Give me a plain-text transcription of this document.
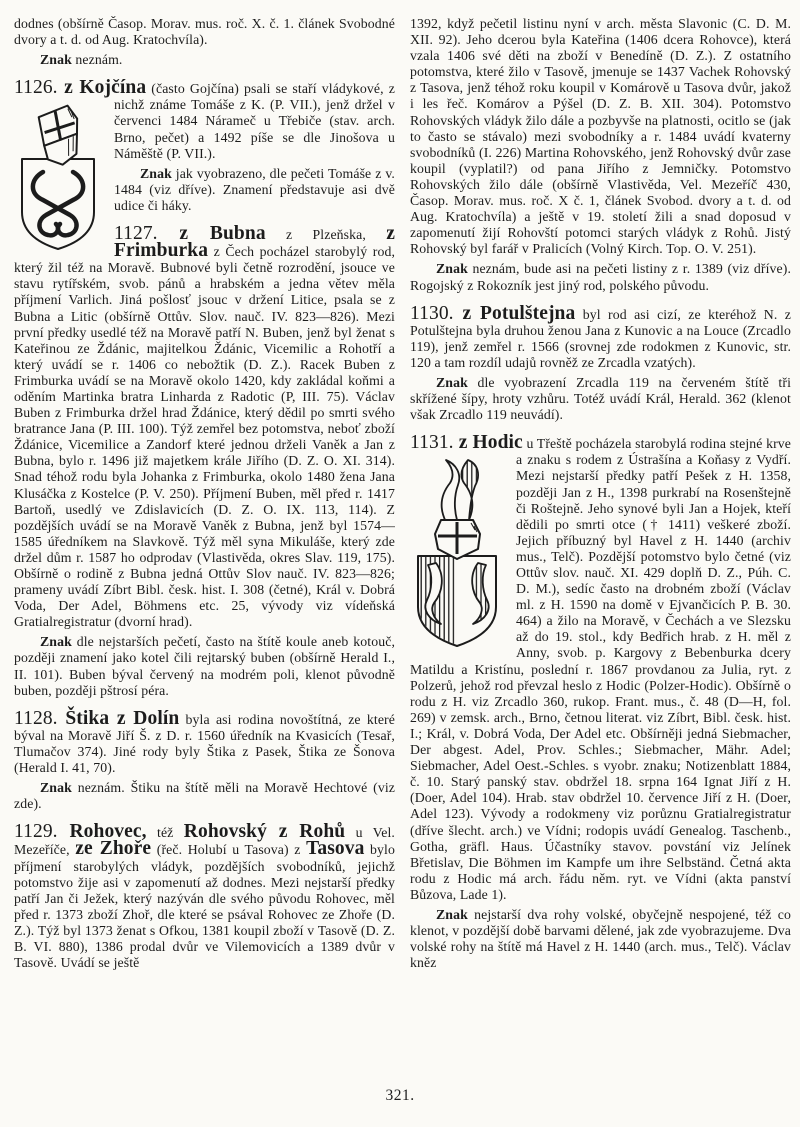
dodnes (obšírně Časop. Morav. mus. roč. X. č. 1. článek Svobodné dvory a t. d. od Aug. Kratochvíla).

Znak neznám.

1126. z Kojčína (často Gojčína) psali se staří
vládykové, z nichž známe Tomáše z K. (P. VII.), jenž držel v červenci 1484 Nárameč u Třebiče (stav. arch. Brno, pečet) a 1492 píše se dle Jinošova u Náměště (P. VII.).

Znak jak vyobrazeno, dle pečeti Tomáše z v. 1484 (viz dříve). Znamení představuje asi dvě udice či háky.

1127. z Bubna z Plzeňska, z Frimburka z Čech pocházel starobylý rod, který žil též na Moravě. Bubnové byli četně rozrodění, jsouce ve stavu rytířském, svob. pánů a hrabském a jedna větev měla příjmení Varlich. Jiná pošlosť jsouc v držení Litice, psala se z Bubna a Litic (obšírně Ottův. Slov. nauč. IV. 823—826). Mezi první předky usedlé též na Moravě patří N. Buben, jenž byl ženat s Kateřinou ze Ždánic, majitelkou Ždánic, Vicemilic a Rohotří a který uvádí se r. 1406 co nebožtik (D. Z.). Racek Buben z Frimburka uvádí se na Moravě okolo 1420, kdy zakládal koňmi a oděním Martinka bratra Linharda z Radotic (P, III. 75). Václav Buben z Frimburka držel hrad Ždánice, který dědil po smrti svého bratrance Jana (P. III. 100). Týž zemřel bez potomstva, neboť zboží Ždánice, Vicemilice a Zandorf které jednou drželi Vaněk a Jan z Bubna, bylo r. 1496 již majetkem krále Jiřího (D. Z. O. XI. 314). Snad téhož rodu byla Johanka z Frimburka, okolo 1480 žena Jana Klusáčka z Kostelce (P. V. 250). Příjmení Buben, měl před r. 1417 Bartoň, usedlý ve Zdislavicích (D. Z. O. IX. 113, 114). Z pozdějších uvádí se na Moravě Vaněk z Bubna, jenž byl 1574—1585 úředníkem na Slavkově. Týž měl syna Mikuláše, který zde držel dům r. 1587 ho odprodav (Vlastivěda, okres Slav. 119, 175). Obšírně o rodině z Bubna jedná Ottův Slov nauč. IV. 823—826; prameny uvádí Zíbrt Bibl. česk. hist. I. 308 (četné), Král v. Dobrá Voda, Der Adel, Böhmens etc. 25, vývody viz vídeňská Gratialregistratur (dvorní hrad).

Znak dle nejstarších pečetí, často na štítě koule aneb kotouč, později znamení jako kotel čili rejtarský buben (obšírně Herald I., II. 101). Buben býval červený na modrém poli, klenot původně buben, později pštrosí péra.

1128. Štika z Dolín byla asi rodina novoštítná, ze které býval na Moravě Jiří Š. z D. r. 1560 úředník na Kvasicích (Tesař, Tlumačov 374). Jiné rody byly Štika z Pasek, Štika ze Šonova (Herald I. 41, 70).

Znak neznám. Štiku na štítě měli na Moravě Hechtové (viz zde).

1129. Rohovec, též Rohovský z Rohů u Vel. Mezeříče, ze Zhoře (řeč. Holubí u Tasova) z Tasova bylo příjmení starobylých vládyk, pozdějších svobodníků, jejichž potomstvo žije asi v zapomenutí až dodnes. Mezi nejstarší předky patří Jan či Ježek, který nazýván dle svého původu Rohovec, měl před r. 1373 zboží Zhoř, dle které se psával Rohovec ze Zhoře (D. Z.). Týž byl 1373 ženat s Ofkou, 1381 koupil zboží v Tasově (D. Z. B. VI. 880), 1386 prodal dvůr ve Vilemovicích a 1389 dvůr v Tasově. Uvádí se ještě

1392, když pečetil listinu nyní v arch. města Slavonic (C. D. M. XII. 92). Jeho dcerou byla Kateřina (1406 dcera Rohovce), která vzala 1406 své děti na zboží v Benedíně (D. Z.). Z ostatního potomstva, které žilo v Tasově, jmenuje se 1437 Vachek Rohovský z Tasova, jenž téhož roku koupil v Komárově u Tasova dvůr, jakož i les řeč. Komárov a Pýšel (D. Z. B. XII. 304). Potomstvo Rohovských vládyk žilo dále a pozbyvše na platnosti, ocitlo se (jak to často se stávalo) mezi svobodníky a r. 1484 uvádí kvaterny svobodníků (I. 226) Martina Rohovského, jenž Rohovský dvůr zase koupil (vyplatil?) od pana Jiřího z Jemničky. Potomstvo Rohovských žilo dále (obšírně Vlastivěda, Vel. Mezeříč 430, Časop. Morav. mus. roč. X č. 1, článek Svobod. dvory a t. d. od Aug. Kratochvíla) a ještě v 19. století žili a snad doposud v zapomenutí žijí Rohovští potomci starých vládyk z Rohů. Jistý Rohovský byl farář v Pralicích (Volný Kirch. Top. O. V. 251).

Znak neznám, bude asi na pečeti listiny z r. 1389 (viz dříve). Rogojský z Rokozník jest jiný rod, polského původu.

1130. z Potulštejna byl rod asi cizí, ze kteréhož N. z Potulštejna byla druhou ženou Jana z Kunovic a na Louce (Zrcadlo 119), jenž zemřel r. 1566 (srovnej zde rodokmen z Kunovic, str. 120 a tam rozdíl udajů rovněž ze Zrcadla vzatých).

Znak dle vyobrazení Zrcadla 119 na červeném štítě tři skřížené šípy, hroty vzhůru. Totéž uvádí Král, Herald. 362 (klenot však Zrcadlo 119 neuvádí).

1131. z Hodic u Třeště pocházela starobylá rodina
stejné krve a znaku s rodem z Ústrašína a Koňasy z Vydří. Mezi nejstarší předky patří Pešek z H. 1358, později Jan z H., 1398 purkrabí na Rosenštejně či Roštejně. Jeho synové byli Jan a Hojek, kteří dědili po smrti otce († 1411) veškeré zboží. Jejich příbuzný byl Havel z H. 1440 (archiv mus., Telč). Pozdější potomstvo bylo četné (viz Ottův slov. nauč. XI. 429 doplň D. Z., Púh. C. D. M.), sedíc často na drobném zboží (Václav ml. z H. 1590 na domě v Ejvančicích P. B. 30. 464) a žilo na Moravě, v Čechách a ve Slezsku až do 19. stol., kdy Bedřich hrab. z H. měl z Anny, svob. p. Kargovy z Bebenburka dcery Matildu a Kristínu, poslední r. 1867 provdanou za Julia, ryt. z Polzerů, jehož rod převzal heslo z Hodic (Polzer-Hodic). Obšírně o rodu z H. viz Zrcadlo 360, rukop. Frant. mus., č. 48 (D—H, fol. 269) v zemsk. arch., Brno, četnou literat. viz Zíbrt, Bibl. česk. hist. I.; Král, v. Dobrá Voda, Der Adel etc. Obšírněji jedná Siebmacher, Der abgest. Adel, Prov. Schles.; Siebmacher, Mähr. Adel; Siebmacher, Adel Oest.-Schles. s vyobr. znaku; Notizenblatt 1884, č. 10. Starý panský stav. obdržel 18. srpna 164 Ignat Jiří z H. (Doer, Adel 104). Hrab. stav obdržel 10. července Jiří z H. (Doer, Adel 123). Vývody a rodokmeny viz porůznu Gratialregistratur (dříve šlecht. arch.) ve Vídni; rodopis uvádí Genealog. Taschenb., Gotha, gräfl. Haus. Účastníky stavov. povstání viz Jelínek Břetislav, Die Böhmen im Kampfe um ihre Selbständ. Četná akta rodu z Hodic má arch. řádu něm. ryt. ve Vídni (akta panství Bůzova, Lade 1).

Znak nejstarší dva rohy volské, obyčejně nespojené, též co klenot, v pozdější době barvami dělené, jak zde vyobrazujeme. Dva volské rohy na štítě má Havel z H. 1440 (arch. mus., Telč). Václav kněz

321.
